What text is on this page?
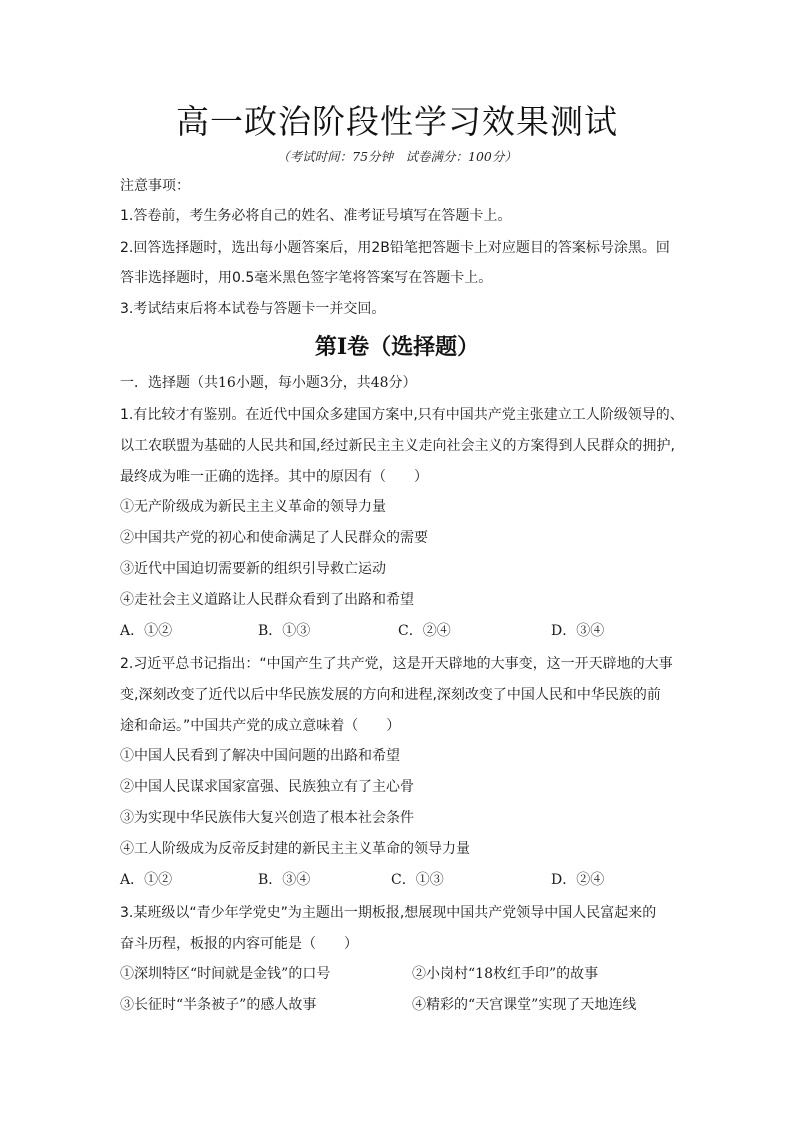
高一政治阶段性学习效果测试
（考试时间：75分钟　试卷满分：100分）
注意事项：
1.答卷前，考生务必将自己的姓名、准考证号填写在答题卡上。
2.回答选择题时，选出每小题答案后，用2B铅笔把答题卡上对应题目的答案标号涂黑。回
答非选择题时，用0.5毫米黑色签字笔将答案写在答题卡上。
3.考试结束后将本试卷与答题卡一并交回。
第Ⅰ卷（选择题）
一．选择题（共16小题，每小题3分，共48分）
1.有比较才有鉴别。在近代中国众多建国方案中,只有中国共产党主张建立工人阶级领导的、
以工农联盟为基础的人民共和国,经过新民主主义走向社会主义的方案得到人民群众的拥护,
最终成为唯一正确的选择。其中的原因有（　　）
①无产阶级成为新民主主义革命的领导力量
②中国共产党的初心和使命满足了人民群众的需要
③近代中国迫切需要新的组织引导救亡运动
④走社会主义道路让人民群众看到了出路和希望
A．①②	B．①③	C．②④	D．③④
2.习近平总书记指出：“中国产生了共产党，这是开天辟地的大事变，这一开天辟地的大事
变,深刻改变了近代以后中华民族发展的方向和进程,深刻改变了中国人民和中华民族的前
途和命运。”中国共产党的成立意味着（　　）
①中国人民看到了解决中国问题的出路和希望
②中国人民谋求国家富强、民族独立有了主心骨
③为实现中华民族伟大复兴创造了根本社会条件
④工人阶级成为反帝反封建的新民主主义革命的领导力量
A．①②	B．③④	C．①③	D．②④
3.某班级以“青少年学党史”为主题出一期板报,想展现中国共产党领导中国人民富起来的
奋斗历程，板报的内容可能是（　　）
①深圳特区“时间就是金钱”的口号	②小岗村“18枚红手印”的故事
③长征时“半条被子”的感人故事	④精彩的“天宫课堂”实现了天地连线
